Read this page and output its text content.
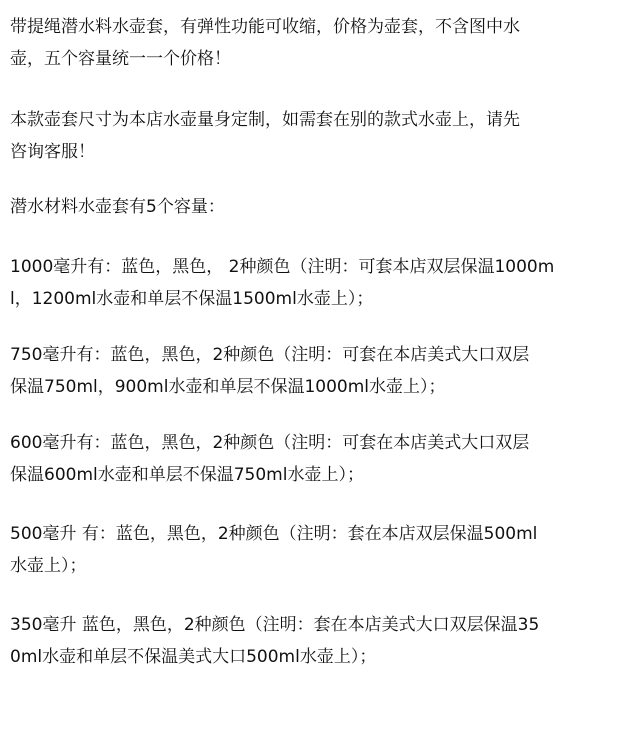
带提绳潜水料水壶套，有弹性功能可收缩，价格为壶套，不含图中水
壶，五个容量统一一个价格！

本款壶套尺寸为本店水壶量身定制，如需套在别的款式水壶上，请先
咨询客服！

潜水材料水壶套有5个容量：

1000毫升有：蓝色，黑色， 2种颜色（注明：可套本店双层保温1000m
l，1200ml水壶和单层不保温1500ml水壶上）；

750毫升有：蓝色，黑色，2种颜色（注明：可套在本店美式大口双层
保温750ml，900ml水壶和单层不保温1000ml水壶上）；

600毫升有：蓝色，黑色，2种颜色（注明：可套在本店美式大口双层
保温600ml水壶和单层不保温750ml水壶上）；

500毫升 有：蓝色，黑色，2种颜色（注明：套在本店双层保温500ml
水壶上）；

350毫升 蓝色，黑色，2种颜色（注明：套在本店美式大口双层保温35
0ml水壶和单层不保温美式大口500ml水壶上）；
